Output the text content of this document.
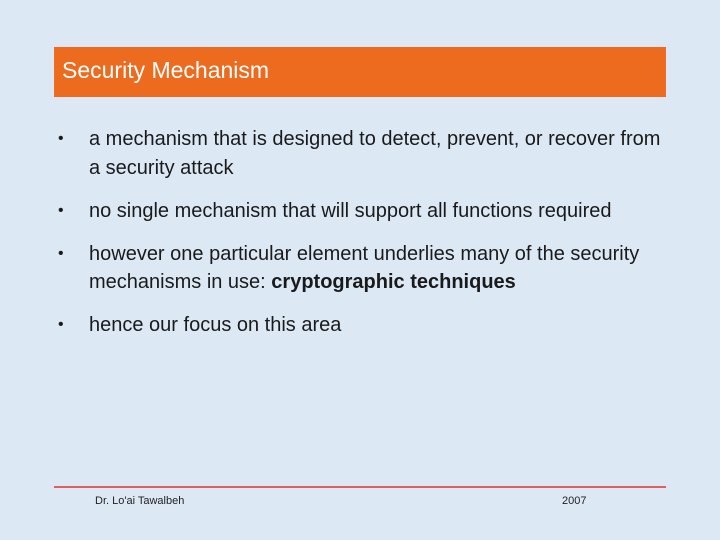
Security Mechanism
• a mechanism that is designed to detect, prevent, or recover from a security attack
• no single mechanism that will support all functions required
• however one particular element underlies many of the security mechanisms in use: cryptographic techniques
• hence our focus on this area
Dr. Lo'ai Tawalbeh	2007
